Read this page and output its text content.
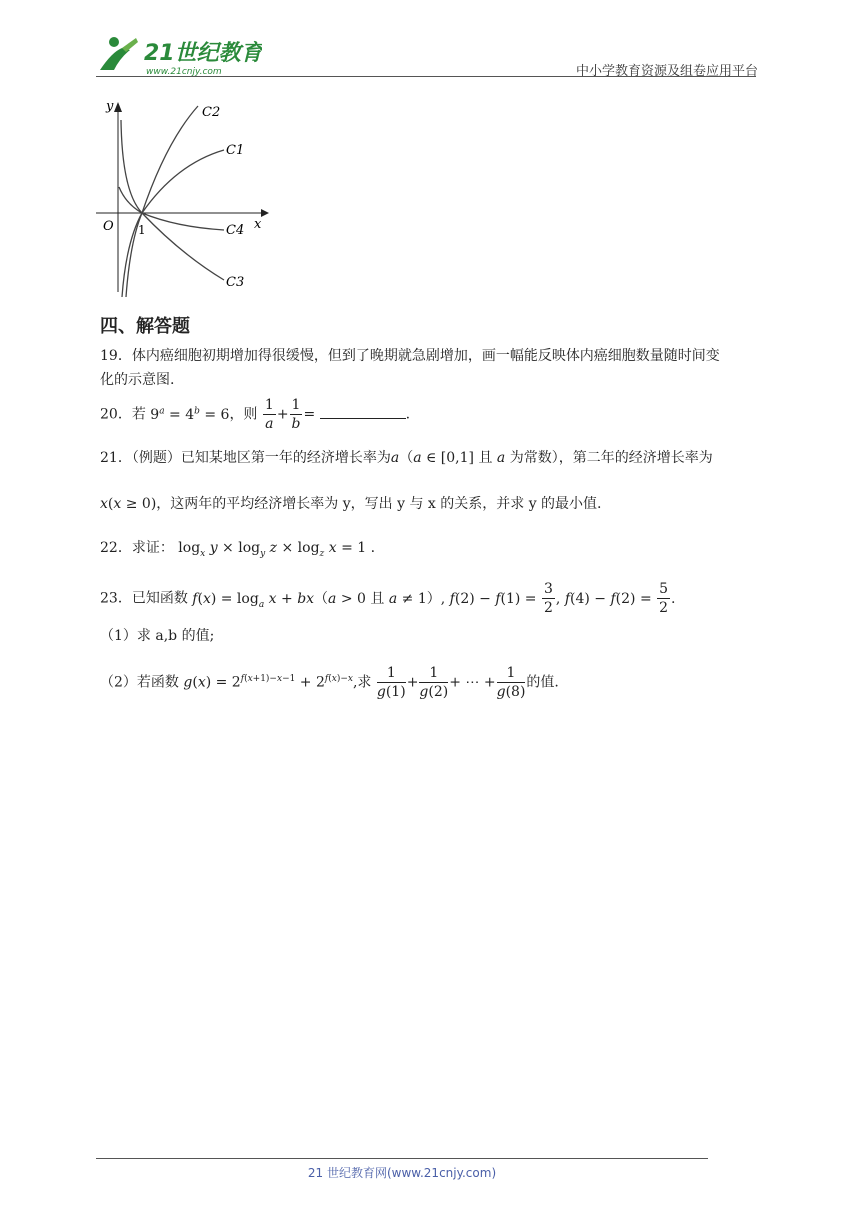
21世纪教育
www.21cnjy.com	中小学教育资源及组卷应用平台
y
x
O 1
C2
C1
C4
C3
四、解答题
19．体内癌细胞初期增加得很缓慢，但到了晚期就急剧增加，画一幅能反映体内癌细胞数量随时间变
化的示意图.
20．若 $9^a = 4^b = 6$，则 $\frac{1}{a} + \frac{1}{b}$ =	.
21．（例题）已知某地区第一年的经济增长率为a（a ∈ [0,1] 且 a 为常数），第二年的经济增长率为
x(x ≥ 0)，这两年的平均经济增长率为 y，写出 y 与 x 的关系，并求 y 的最小值.
22．求证： $\log_x y \times \log_y z \times \log_z x = 1$ .
23．已知函数 $f(x) = \log_a x + bx(a > 0$ 且 a ≠ 1）, $f(2) - f(1) = \frac{3}{2}$ , $f(4) - f(2) = \frac{5}{2}$ .
（1）求 a,b 的值;
（2）若函数 $g(x) = 2^{f(x+1)-x-1} + 2^{f(x)-x}$,求 $\frac{1}{g(1)} + \frac{1}{g(2)}$ + ⋯ + $\frac{1}{g(8)}$ 的值.
21 世纪教育网(www.21cnjy.com)
